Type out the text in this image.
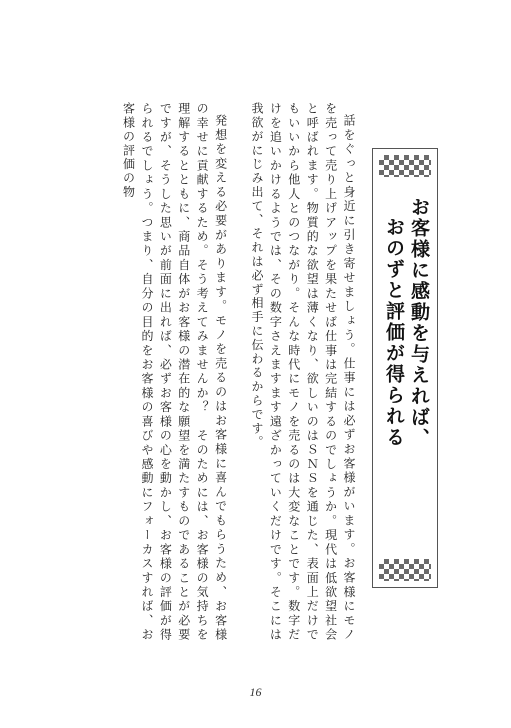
お客様に感動を与えれば、
おのずと評価が得られる

話をぐっと身近に引き寄せましょう。仕事には必ずお客様がいます。お客様にモノを売って売り上げアップを果たせば仕事は完結するのでしょうか。現代は低欲望社会と呼ばれます。物質的な欲望は薄くなり、欲しいのはＳＮＳを通じた、表面上だけでもいいから他人とのつながり。そんな時代にモノを売るのは大変なことです。数字だけを追いかけるようでは、その数字さえますます遠ざかっていくだけです。そこには我欲がにじみ出て、それは必ず相手に伝わるからです。

発想を変える必要があります。モノを売るのはお客様に喜んでもらうため、お客様の幸せに貢献するため。そう考えてみませんか？　そのためには、お客様の気持ちを理解するとともに、商品自体がお客様の潜在的な願望を満たすものであることが必要ですが、そうした思いが前面に出れば、必ずお客様の心を動かし、お客様の評価が得られるでしょう。つまり、自分の目的をお客様の喜びや感動にフォーカスすれば、お客様の評価の物

16
